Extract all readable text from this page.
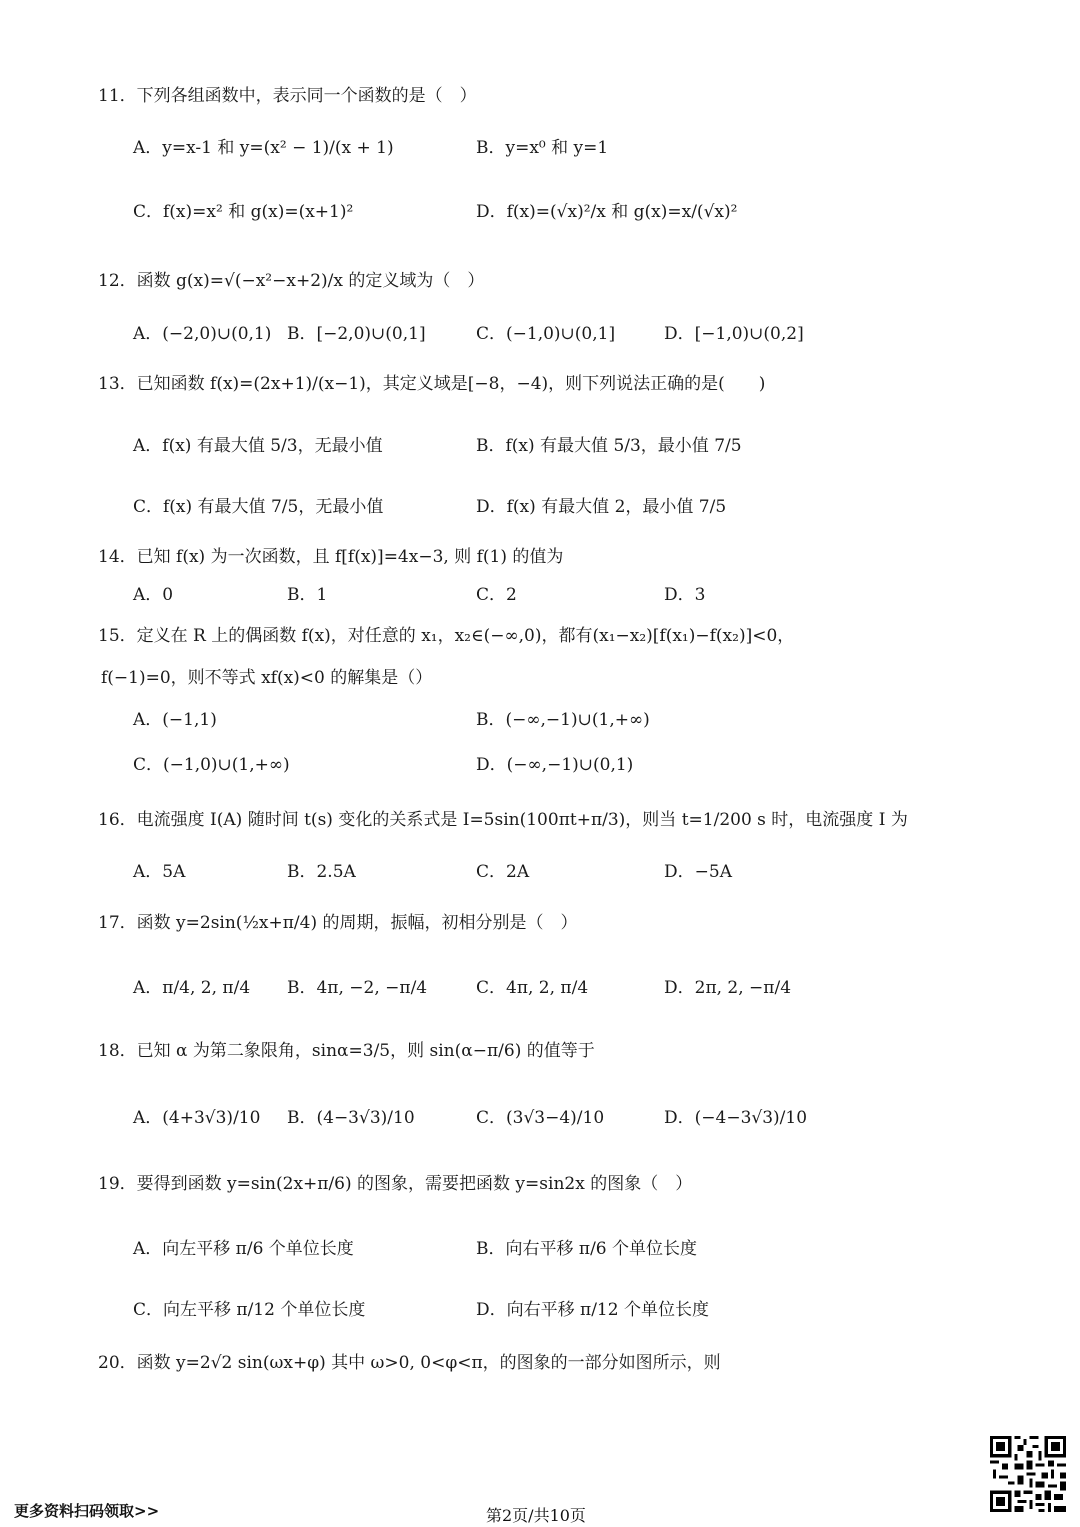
11．下列各组函数中，表示同一个函数的是（　）
A．y=x-1 和 y=(x² − 1)/(x + 1)	B．y=x⁰ 和 y=1
C．f(x)=x² 和 g(x)=(x+1)²	D．f(x)=(√x)²/x 和 g(x)=x/(√x)²
12．函数 g(x)=√(−x²−x+2)/x 的定义域为（　）
A．(−2,0)∪(0,1) B．[−2,0)∪(0,1]	C．(−1,0)∪(0,1]	D．[−1,0)∪(0,2]
13．已知函数 f(x)=(2x+1)/(x−1)，其定义域是[−8，−4)，则下列说法正确的是(　　)
A．f(x) 有最大值 5/3，无最小值	B．f(x) 有最大值 5/3，最小值 7/5
C．f(x) 有最大值 7/5，无最小值	D．f(x) 有最大值 2，最小值 7/5
14．已知 f(x) 为一次函数，且 f[f(x)]=4x−3, 则 f(1) 的值为
A．0	B．1	C．2	D．3
15．定义在 R 上的偶函数 f(x)，对任意的 x₁，x₂∈(−∞,0)，都有(x₁−x₂)[f(x₁)−f(x₂)]<0，
f(−1)=0，则不等式 xf(x)<0 的解集是（）
A．(−1,1)	B．(−∞,−1)∪(1,+∞)
C．(−1,0)∪(1,+∞)	D．(−∞,−1)∪(0,1)
16．电流强度 I(A) 随时间 t(s) 变化的关系式是 I=5sin(100πt+π/3)，则当 t=1/200 s 时，电流强度 I 为
A．5A	B．2.5A	C．2A	D．−5A
17．函数 y=2sin(½x+π/4) 的周期，振幅，初相分别是（　）
A．π/4, 2, π/4 B．4π, −2, −π/4	C．4π, 2, π/4	D．2π, 2, −π/4
18．已知 α 为第二象限角，sinα=3/5，则 sin(α−π/6) 的值等于
A．(4+3√3)/10 B．(4−3√3)/10	C．(3√3−4)/10	D．(−4−3√3)/10
19．要得到函数 y=sin(2x+π/6) 的图象，需要把函数 y=sin2x 的图象（　）
A．向左平移 π/6 个单位长度	B．向右平移 π/6 个单位长度
C．向左平移 π/12 个单位长度	D．向右平移 π/12 个单位长度
20．函数 y=2√2 sin(ωx+φ) 其中 ω>0, 0<φ<π，的图象的一部分如图所示，则
更多资料扫码领取>>	第2页/共10页
